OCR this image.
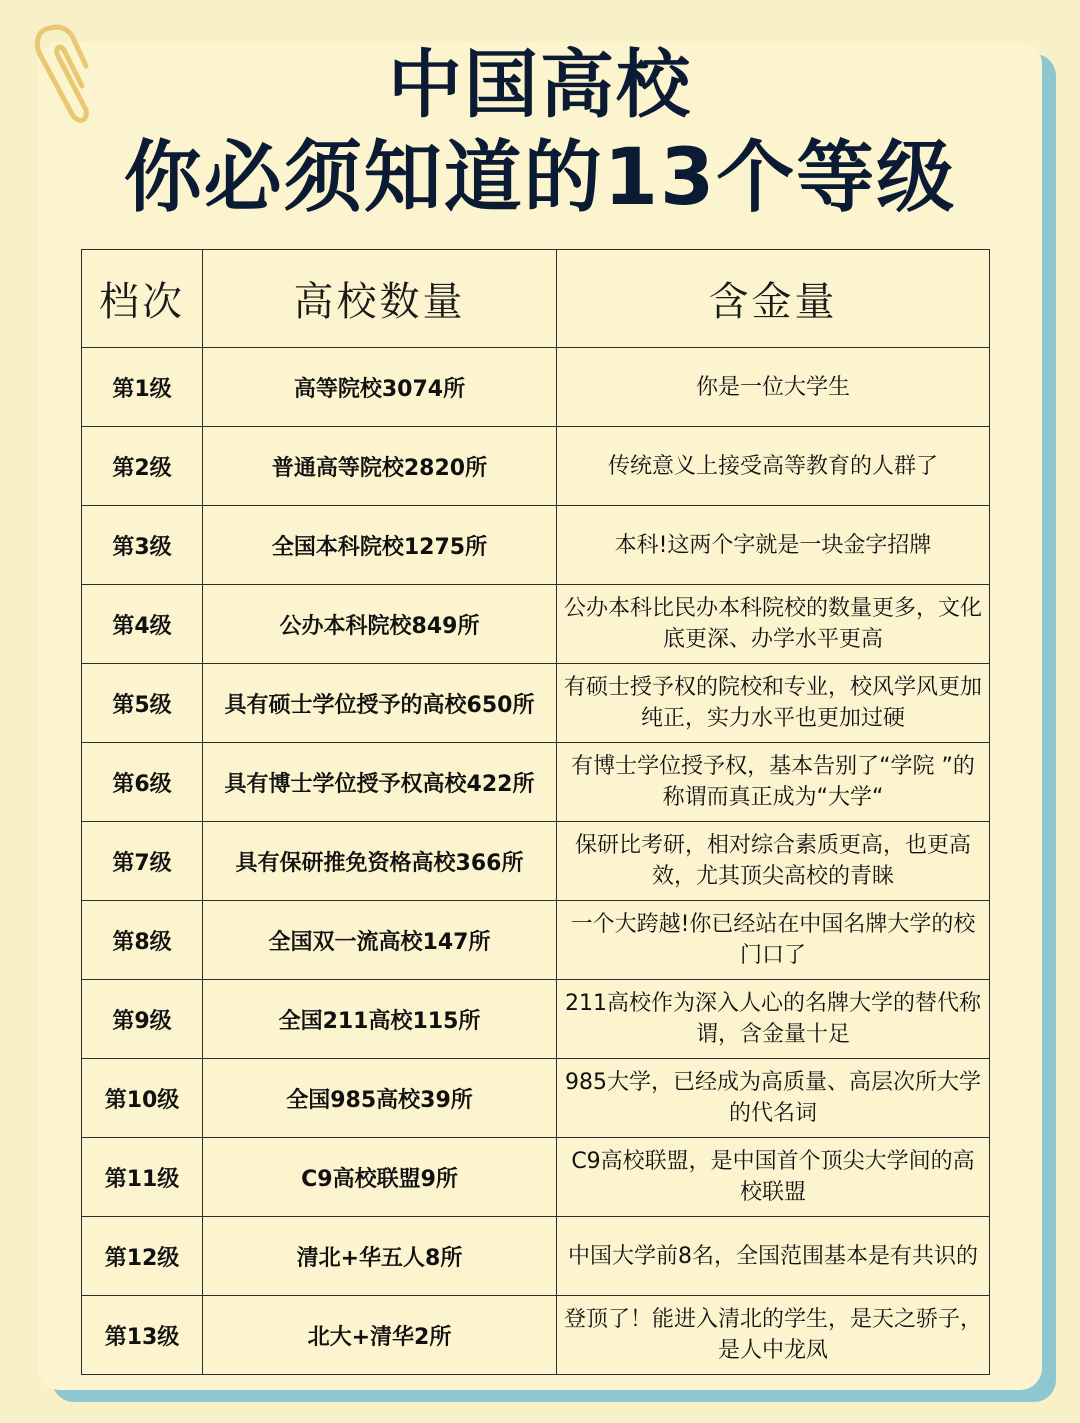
中国高校
你必须知道的13个等级
档次	高校数量	含金量
第1级	高等院校3074所	你是一位大学生
第2级	普通高等院校2820所	传统意义上接受高等教育的人群了
第3级	全国本科院校1275所	本科!这两个字就是一块金字招牌
第4级	公办本科院校849所	公办本科比民办本科院校的数量更多，文化底更深、办学水平更高
第5级	具有硕士学位授予的高校650所	有硕士授予权的院校和专业，校风学风更加纯正，实力水平也更加过硬
第6级	具有博士学位授予权高校422所	有博士学位授予权，基本告别了“学院 ”的称谓而真正成为“大学“
第7级	具有保研推免资格高校366所	保研比考研，相对综合素质更高，也更高效，尤其顶尖高校的青睐
第8级	全国双一流高校147所	一个大跨越!你已经站在中国名牌大学的校门口了
第9级	全国211高校115所	211高校作为深入人心的名牌大学的替代称谓，含金量十足
第10级	全国985高校39所	985大学，已经成为高质量、高层次所大学的代名词
第11级	C9高校联盟9所	C9高校联盟，是中国首个顶尖大学间的高校联盟
第12级	清北+华五人8所	中国大学前8名，全国范围基本是有共识的
第13级	北大+清华2所	登顶了！能进入清北的学生，是天之骄子，是人中龙凤
